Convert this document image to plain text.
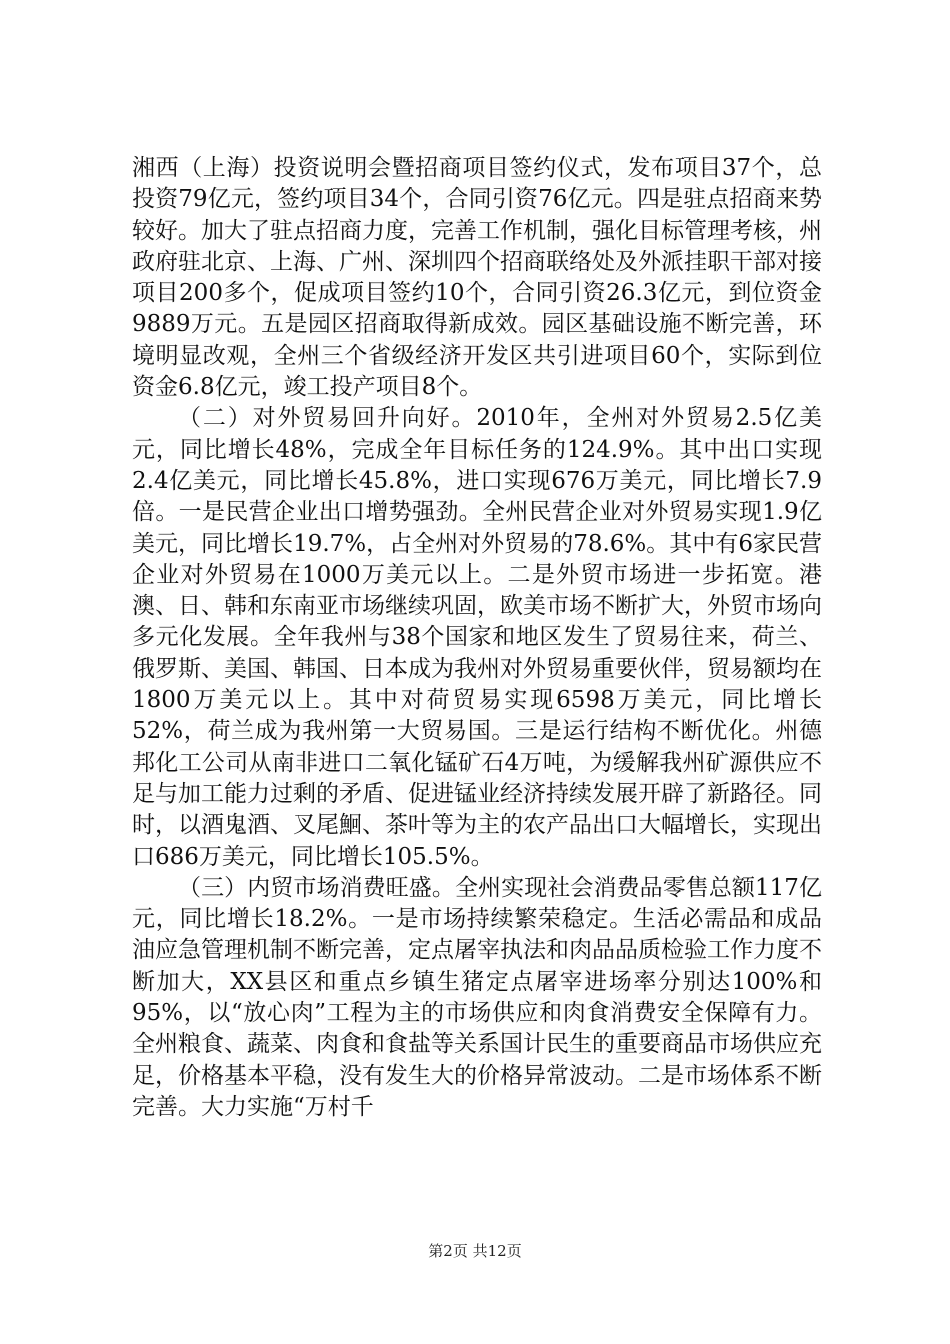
湘西（上海）投资说明会暨招商项目签约仪式，发布项目37个，总投资79亿元，签约项目34个，合同引资76亿元。四是驻点招商来势较好。加大了驻点招商力度，完善工作机制，强化目标管理考核，州政府驻北京、上海、广州、深圳四个招商联络处及外派挂职干部对接项目200多个，促成项目签约10个，合同引资26.3亿元，到位资金9889万元。五是园区招商取得新成效。园区基础设施不断完善，环境明显改观，全州三个省级经济开发区共引进项目60个，实际到位资金6.8亿元，竣工投产项目8个。

（二）对外贸易回升向好。2010年，全州对外贸易2.5亿美元，同比增长48%，完成全年目标任务的124.9%。其中出口实现2.4亿美元，同比增长45.8%，进口实现676万美元，同比增长7.9倍。一是民营企业出口增势强劲。全州民营企业对外贸易实现1.9亿美元，同比增长19.7%，占全州对外贸易的78.6%。其中有6家民营企业对外贸易在1000万美元以上。二是外贸市场进一步拓宽。港澳、日、韩和东南亚市场继续巩固，欧美市场不断扩大，外贸市场向多元化发展。全年我州与38个国家和地区发生了贸易往来，荷兰、俄罗斯、美国、韩国、日本成为我州对外贸易重要伙伴，贸易额均在1800万美元以上。其中对荷贸易实现6598万美元，同比增长52%，荷兰成为我州第一大贸易国。三是运行结构不断优化。州德邦化工公司从南非进口二氧化锰矿石4万吨，为缓解我州矿源供应不足与加工能力过剩的矛盾、促进锰业经济持续发展开辟了新路径。同时，以酒鬼酒、叉尾鮰、茶叶等为主的农产品出口大幅增长，实现出口686万美元，同比增长105.5%。

（三）内贸市场消费旺盛。全州实现社会消费品零售总额117亿元，同比增长18.2%。一是市场持续繁荣稳定。生活必需品和成品油应急管理机制不断完善，定点屠宰执法和肉品品质检验工作力度不断加大，XX县区和重点乡镇生猪定点屠宰进场率分别达100%和95%，以“放心肉”工程为主的市场供应和肉食消费安全保障有力。全州粮食、蔬菜、肉食和食盐等关系国计民生的重要商品市场供应充足，价格基本平稳，没有发生大的价格异常波动。二是市场体系不断完善。大力实施“万村千

第2页 共12页
